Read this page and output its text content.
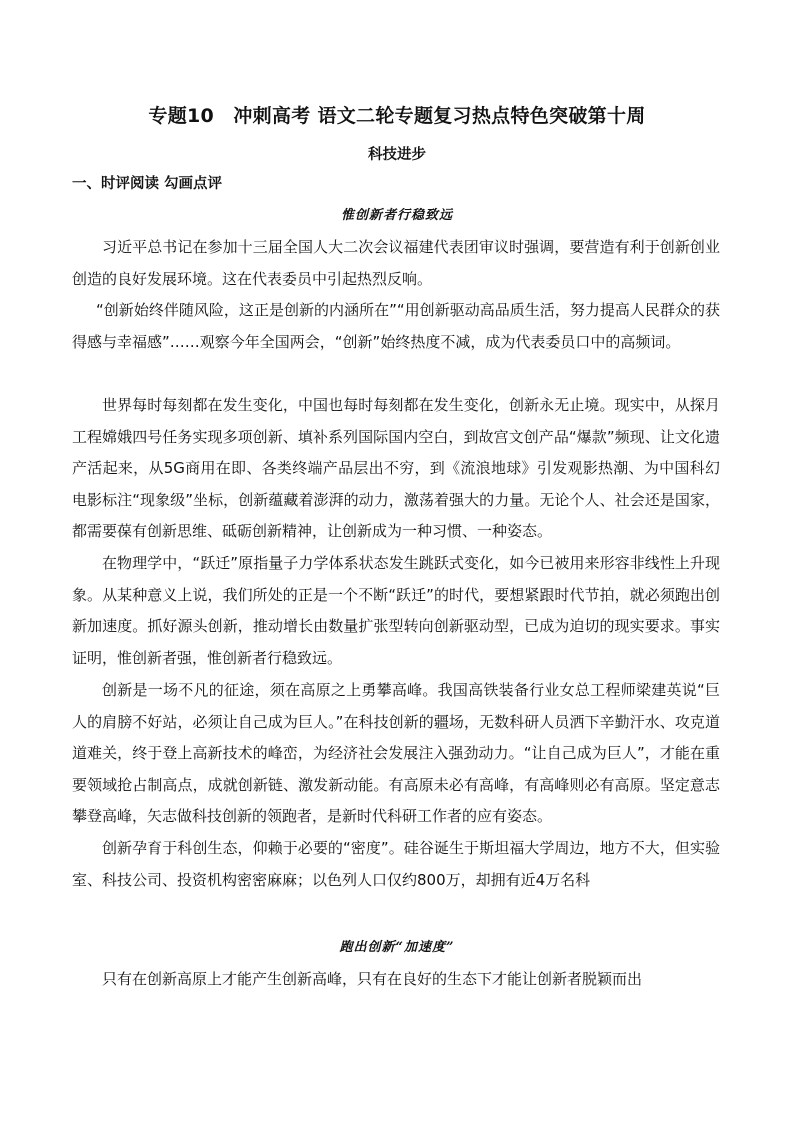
专题10　冲刺高考 语文二轮专题复习热点特色突破第十周
科技进步
一、时评阅读 勾画点评
惟创新者行稳致远

习近平总书记在参加十三届全国人大二次会议福建代表团审议时强调，要营造有利于创新创业创造的良好发展环境。这在代表委员中引起热烈反响。

“创新始终伴随风险，这正是创新的内涵所在”“用创新驱动高品质生活，努力提高人民群众的获得感与幸福感”……观察今年全国两会，“创新”始终热度不减，成为代表委员口中的高频词。

世界每时每刻都在发生变化，中国也每时每刻都在发生变化，创新永无止境。现实中，从探月工程嫦娥四号任务实现多项创新、填补系列国际国内空白，到故宫文创产品“爆款”频现、让文化遗产活起来，从5G商用在即、各类终端产品层出不穷，到《流浪地球》引发观影热潮、为中国科幻电影标注“现象级”坐标，创新蕴藏着澎湃的动力，激荡着强大的力量。无论个人、社会还是国家，都需要葆有创新思维、砥砺创新精神，让创新成为一种习惯、一种姿态。

在物理学中，“跃迁”原指量子力学体系状态发生跳跃式变化，如今已被用来形容非线性上升现象。从某种意义上说，我们所处的正是一个不断“跃迁”的时代，要想紧跟时代节拍，就必须跑出创新加速度。抓好源头创新，推动增长由数量扩张型转向创新驱动型，已成为迫切的现实要求。事实证明，惟创新者强，惟创新者行稳致远。

创新是一场不凡的征途，须在高原之上勇攀高峰。我国高铁装备行业女总工程师梁建英说“巨人的肩膀不好站，必须让自己成为巨人。”在科技创新的疆场，无数科研人员洒下辛勤汗水、攻克道道难关，终于登上高新技术的峰峦，为经济社会发展注入强劲动力。“让自己成为巨人”，才能在重要领域抢占制高点，成就创新链、激发新动能。有高原未必有高峰，有高峰则必有高原。坚定意志攀登高峰，矢志做科技创新的领跑者，是新时代科研工作者的应有姿态。

创新孕育于科创生态，仰赖于必要的“密度”。硅谷诞生于斯坦福大学周边，地方不大，但实验室、科技公司、投资机构密密麻麻；以色列人口仅约800万，却拥有近4万名科

跑出创新“加速度”

只有在创新高原上才能产生创新高峰，只有在良好的生态下才能让创新者脱颖而出
